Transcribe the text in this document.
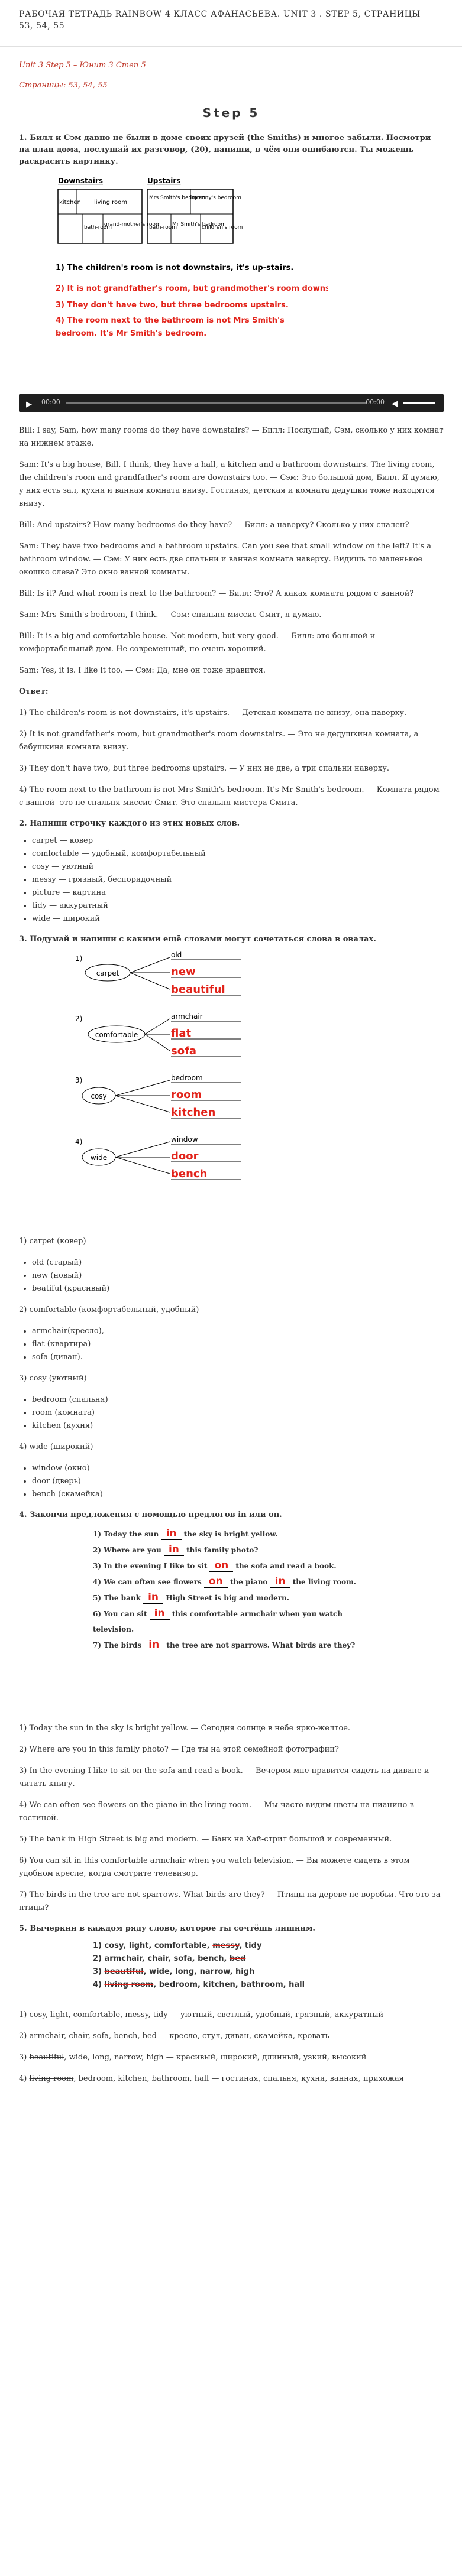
РАБОЧАЯ ТЕТРАДЬ RAINBOW 4 КЛАСС АФАНАСЬЕВА. UNIT 3 . STEP 5, СТРАНИЦЫ 53, 54, 55

Unit 3 Step 5 – Юнит 3 Степ 5

Страницы: 53, 54, 55

Step 5
1. Билл и Сэм давно не были в доме своих друзей (the Smiths) и многое забыли. Посмотри на план дома, послушай их разговор, (20), напиши, в чём они ошибаются. Ты можешь раскрасить картинку.
Downstairs	Upstairs
kitchen living room
bath-room
grand-mother's room
Mrs Smith's bedroom
granny's bedroom
bath-room
Mr Smith's bedroom
children's room
1) The children's room is not downstairs, it's up-stairs.
2) It is not grandfather's room, but grandmother's room downstairs.
3) They don't have two, but three bedrooms upstairs.
4) The room next to the bathroom is not Mrs Smith's bedroom. It's Mr Smith's bedroom.
▶ 00:00	00:00 ◀

Bill: I say, Sam, how many rooms do they have downstairs? — Билл: Послушай, Сэм, сколько у них комнат на нижнем этаже.

Sam: It's a big house, Bill. I think, they have a hall, a kitchen and a bathroom downstairs. The living room, the children's room and grandfather's room are downstairs too. — Сэм: Это большой дом, Билл. Я думаю, у них есть зал, кухня и ванная комната внизу. Гостиная, детская и комната дедушки тоже находятся внизу.

Bill: And upstairs? How many bedrooms do they have? — Билл: а наверху? Сколько у них спален?

Sam: They have two bedrooms and a bathroom upstairs. Can you see that small window on the left? It's a bathroom window. — Сэм: У них есть две спальни и ванная комната наверху. Видишь то маленькое окошко слева? Это окно ванной комнаты.

Bill: Is it? And what room is next to the bathroom? — Билл: Это? А какая комната рядом с ванной?

Sam: Mrs Smith's bedroom, I think. — Сэм: спальня миссис Смит, я думаю.

Bill: It is a big and comfortable house. Not modern, but very good. — Билл: это большой и комфортабельный дом. Не современный, но очень хороший.

Sam: Yes, it is. I like it too. — Сэм: Да, мне он тоже нравится.

Ответ:

1) The children's room is not downstairs, it's upstairs. — Детская комната не внизу, она наверху.

2) It is not grandfather's room, but grandmother's room downstairs. — Это не дедушкина комната, а бабушкина комната внизу.

3) They don't have two, but three bedrooms upstairs. — У них не две, а три спальни наверху.

4) The room next to the bathroom is not Mrs Smith's bedroom. It's Mr Smith's bedroom. — Комната рядом с ванной -это не спальня миссис Смит. Это спальня мистера Смита.

2. Напиши строчку каждого из этих новых слов.
• carpet — ковер
• comfortable — удобный, комфортабельный
• cosy — уютный
• messy — грязный, беспорядочный
• picture — картина
• tidy — аккуратный
• wide — широкий
3. Подумай и напиши с какими ещё словами могут сочетаться слова в овалах.
1)
carpet
old
new
beautiful
2)
comfortable
armchair
flat
sofa
3)
cosy
bedroom
room
kitchen
4)
wide
window
door
bench

1) carpet (ковер)

• old (старый)
• new (новый)
• beatiful (красивый)

2) comfortable (комфортабельный, удобный)

• armchair(кресло),
• flat (квартира)
• sofa (диван).

3) cosy (уютный)

• bedroom (спальня)
• room (комната)
• kitchen (кухня)

4) wide (широкий)

• window (окно)
• door (дверь)
• bench (скамейка)
4. Закончи предложения с помощью предлогов in или on.
1) Today the sun in the sky is bright yellow.
2) Where are you in this family photo?
3) In the evening I like to sit on the sofa and read a book.
4) We can often see flowers on the piano in the living room.
5) The bank in High Street is big and modern.
6) You can sit in this comfortable armchair when you watch television.
7) The birds in the tree are not sparrows. What birds are they?

1) Today the sun in the sky is bright yellow. — Сегодня солнце в небе ярко-желтое.

2) Where are you in this family photo? — Где ты на этой семейной фотографии?

3) In the evening I like to sit on the sofa and read a book. — Вечером мне нравится сидеть на диване и читать книгу.

4) We can often see flowers on the piano in the living room. — Мы часто видим цветы на пианино в гостиной.

5) The bank in High Street is big and modern. — Банк на Хай-стрит большой и современный.

6) You can sit in this comfortable armchair when you watch television. — Вы можете сидеть в этом удобном кресле, когда смотрите телевизор.

7) The birds in the tree are not sparrows. What birds are they? — Птицы на дереве не воробьи. Что это за птицы?

5. Вычеркни в каждом ряду слово, которое ты сочтёшь лишним.
1) cosy, light, comfortable, messy, tidy
2) armchair, chair, sofa, bench, bed
3) beautiful, wide, long, narrow, high
4) living room, bedroom, kitchen, bathroom, hall

1) cosy, light, comfortable, messy, tidy — уютный, светлый, удобный, грязный, аккуратный

2) armchair, chair, sofa, bench, bed — кресло, стул, диван, скамейка, кровать

3) beautiful, wide, long, narrow, high — красивый, широкий, длинный, узкий, высокий

4) living room, bedroom, kitchen, bathroom, hall — гостиная, спальня, кухня, ванная, прихожая
